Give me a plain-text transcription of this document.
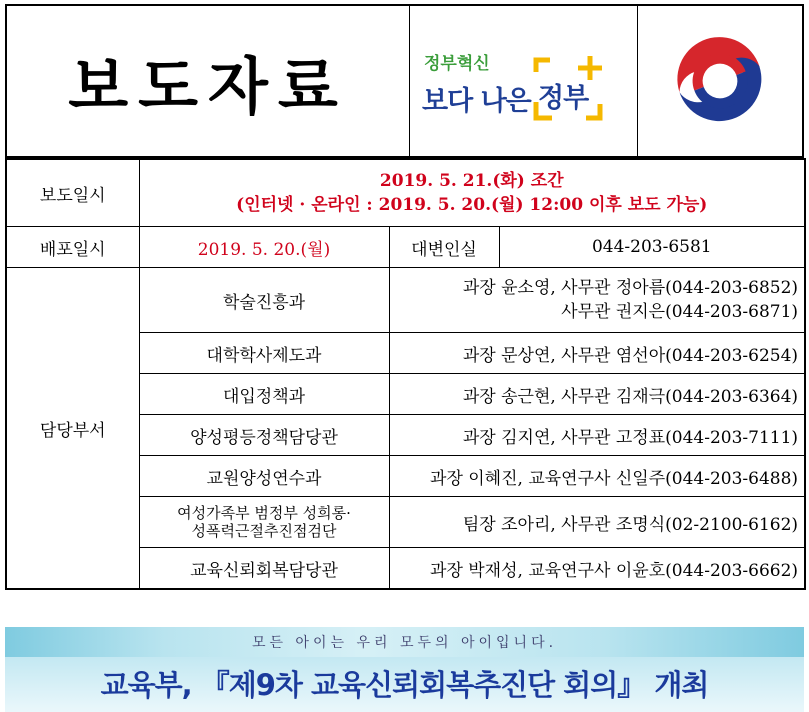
보도자료	정부혁신
보다 나은 정부
보도일시	2019. 5. 21.(화) 조간
(인터넷 · 온라인 : 2019. 5. 20.(월) 12:00 이후 보도 가능)		

배포일시	2019. 5. 20.(월)	대변인실	044-203-6581
담당부서	학술진흥과	과장 윤소영, 사무관 정아름(044-203-6852)
사무관 권지은(044-203-6871)	

	대학학사제도과	과장 문상연, 사무관 염선아(044-203-6254)	
	대입정책과	과장 송근현, 사무관 김재극(044-203-6364)	
	양성평등정책담당관	과장 김지연, 사무관 고정표(044-203-7111)	
	교원양성연수과	과장 이혜진, 교육연구사 신일주(044-203-6488)	

	여성가족부 범정부 성희롱·
성폭력근절추진점검단	팀장 조아리, 사무관 조명식(02-2100-6162)	
	교육신뢰회복담당관	과장 박재성, 교육연구사 이윤호(044-203-6662)	
모든 아이는 우리 모두의 아이입니다.
교육부, 『제9차 교육신뢰회복추진단 회의』 개최
